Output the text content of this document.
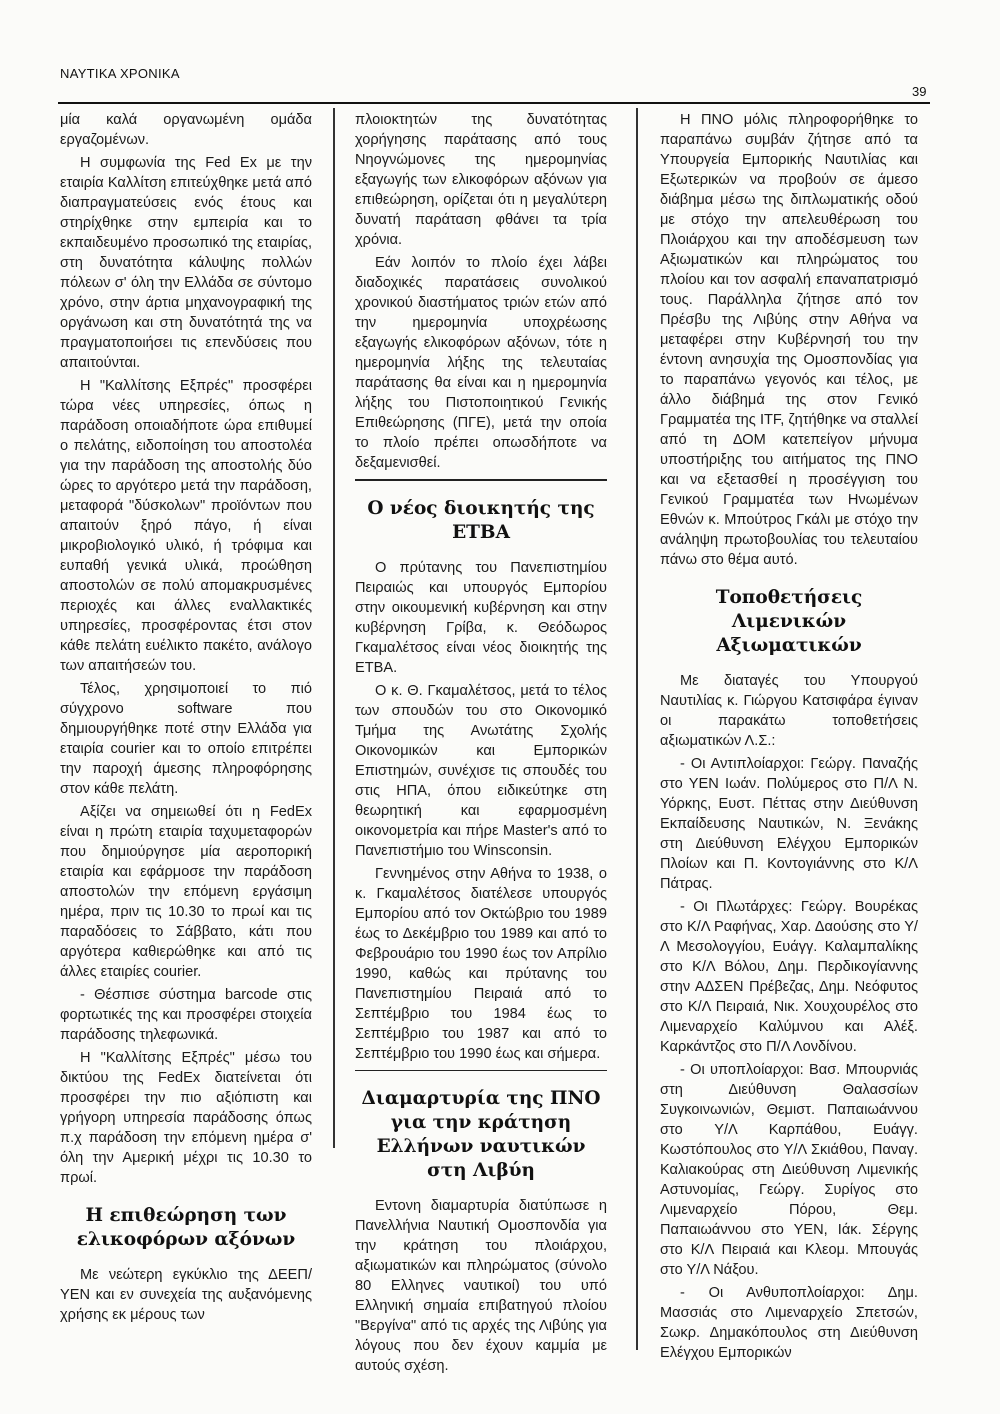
ΝΑΥΤΙΚΑ ΧΡΟΝΙΚΑ
39

μία καλά οργανωμένη ομάδα εργαζομένων.

Η συμφωνία της Fed Ex με την εταιρία Καλλίτση επιτεύχθηκε μετά από διαπραγματεύσεις ενός έτους και στηρίχθηκε στην εμπειρία και το εκπαιδευμένο προσωπικό της εταιρίας, στη δυνατότητα κάλυψης πολλών πόλεων σ' όλη την Ελλάδα σε σύντομο χρόνο, στην άρτια μηχανογραφική της οργάνωση και στη δυνατότητά της να πραγματοποιήσει τις επενδύσεις που απαιτούνται.

Η "Καλλίτσης Εξπρές" προσφέρει τώρα νέες υπηρεσίες, όπως η παράδοση οποιαδήποτε ώρα επιθυμεί ο πελάτης, ειδοποίηση του αποστολέα για την παράδοση της αποστολής δύο ώρες το αργότερο μετά την παράδοση, μεταφορά "δύσκολων" προϊόντων που απαιτούν ξηρό πάγο, ή είναι μικροβιολογικό υλικό, ή τρόφιμα και ευπαθή γενικά υλικά, προώθηση αποστολών σε πολύ απομακρυσμένες περιοχές και άλλες εναλλακτικές υπηρεσίες, προσφέροντας έτσι στον κάθε πελάτη ευέλικτο πακέτο, ανάλογο των απαιτήσεών του.

Τέλος, χρησιμοποιεί το πιό σύγχρονο software που δημιουργήθηκε ποτέ στην Ελλάδα για εταιρία courier και το οποίο επιτρέπει την παροχή άμεσης πληροφόρησης στον κάθε πελάτη.

Αξίζει να σημειωθεί ότι η FedEx είναι η πρώτη εταιρία ταχυμεταφορών που δημιούργησε μία αεροπορική εταιρία και εφάρμοσε την παράδοση αποστολών την επόμενη εργάσιμη ημέρα, πριν τις 10.30 το πρωί και τις παραδόσεις το Σάββατο, κάτι που αργότερα καθιερώθηκε και από τις άλλες εταιρίες courier.

- Θέσπισε σύστημα barcode στις φορτωτικές της και προσφέρει στοιχεία παράδοσης τηλεφωνικά.

Η "Καλλίτσης Εξπρές" μέσω του δικτύου της FedEx διατείνεται ότι προσφέρει την πιο αξιόπιστη και γρήγορη υπηρεσία παράδοσης όπως π.χ παράδοση την επόμενη ημέρα σ' όλη την Αμερική μέχρι τις 10.30 το πρωί.

Η επιθεώρηση των ελικοφόρων αξόνων

Με νεώτερη εγκύκλιο της ΔΕΕΠ/ΥΕΝ και εν συνεχεία της αυξανόμενης χρήσης εκ μέρους των

πλοιοκτητών της δυνατότητας χορήγησης παράτασης από τους Νηογνώμονες της ημερομηνίας εξαγωγής των ελικοφόρων αξόνων για επιθεώρηση, ορίζεται ότι η μεγαλύτερη δυνατή παράταση φθάνει τα τρία χρόνια.

Εάν λοιπόν το πλοίο έχει λάβει διαδοχικές παρατάσεις συνολικού χρονικού διαστήματος τριών ετών από την ημερομηνία υποχρέωσης εξαγωγής ελικοφόρων αξόνων, τότε η ημερομηνία λήξης της τελευταίας παράτασης θα είναι και η ημερομηνία λήξης του Πιστοποιητικού Γενικής Επιθεώρησης (ΠΓΕ), μετά την οποία το πλοίο πρέπει οπωσδήποτε να δεξαμενισθεί.

Ο νέος διοικητής της ΕΤΒΑ

Ο πρύτανης του Πανεπιστημίου Πειραιώς και υπουργός Εμπορίου στην οικουμενική κυβέρνηση και στην κυβέρνηση Γρίβα, κ. Θεόδωρος Γκαμαλέτσος είναι νέος διοικητής της ΕΤΒΑ.

Ο κ. Θ. Γκαμαλέτσος, μετά το τέλος των σπουδών του στο Οικονομικό Τμήμα της Ανωτάτης Σχολής Οικονομικών και Εμπορικών Επιστημών, συνέχισε τις σπουδές του στις ΗΠΑ, όπου ειδικεύτηκε στη θεωρητική και εφαρμοσμένη οικονομετρία και πήρε Master's από το Πανεπιστήμιο του Winsconsin.

Γεννημένος στην Αθήνα το 1938, ο κ. Γκαμαλέτσος διατέλεσε υπουργός Εμπορίου από τον Οκτώβριο του 1989 έως το Δεκέμβριο του 1989 και από το Φεβρουάριο του 1990 έως τον Απρίλιο 1990, καθώς και πρύτανης του Πανεπιστημίου Πειραιά από το Σεπτέμβριο του 1984 έως το Σεπτέμβριο του 1987 και από το Σεπτέμβριο του 1990 έως και σήμερα.

Διαμαρτυρία της ΠΝΟ για την κράτηση Ελλήνων ναυτικών στη Λιβύη

Εντονη διαμαρτυρία διατύπωσε η Πανελλήνια Ναυτική Ομοσπονδία για την κράτηση του πλοιάρχου, αξιωματικών και πληρώματος (σύνολο 80 Ελληνες ναυτικοί) του υπό Ελληνική σημαία επιβατηγού πλοίου "Βεργίνα" από τις αρχές της Λιβύης για λόγους που δεν έχουν καμμία με αυτούς σχέση.

Η ΠΝΟ μόλις πληροφορήθηκε το παραπάνω συμβάν ζήτησε από τα Υπουργεία Εμπορικής Ναυτιλίας και Εξωτερικών να προβούν σε άμεσο διάβημα μέσω της διπλωματικής οδού με στόχο την απελευθέρωση του Πλοιάρχου και την αποδέσμευση των Αξιωματικών και πληρώματος του πλοίου και τον ασφαλή επαναπατρισμό τους. Παράλληλα ζήτησε από τον Πρέσβυ της Λιβύης στην Αθήνα να μεταφέρει στην Κυβέρνησή του την έντονη ανησυχία της Ομοσπονδίας για το παραπάνω γεγονός και τέλος, με άλλο διάβημά της στον Γενικό Γραμματέα της ITF, ζητήθηκε να σταλλεί από τη ΔΟΜ κατεπείγον μήνυμα υποστήριξης του αιτήματος της ΠΝΟ και να εξετασθεί η προσέγγιση του Γενικού Γραμματέα των Ηνωμένων Εθνών κ. Μπούτρος Γκάλι με στόχο την ανάληψη πρωτοβουλίας του τελευταίου πάνω στο θέμα αυτό.

Τοποθετήσεις Λιμενικών Αξιωματικών

Με διαταγές του Υπουργού Ναυτιλίας κ. Γιώργου Κατσιφάρα έγιναν οι παρακάτω τοποθετήσεις αξιωματικών Λ.Σ.:

- Οι Αντιπλοίαρχοι: Γεώργ. Παναζής στο ΥΕΝ Ιωάν. Πολύμερος στο Π/Λ Ν. Υόρκης, Ευστ. Πέττας στην Διεύθυνση Εκπαίδευσης Ναυτικών, Ν. Ξενάκης στη Διεύθυνση Ελέγχου Εμπορικών Πλοίων και Π. Κοντογιάννης στο Κ/Λ Πάτρας.

- Οι Πλωτάρχες: Γεώργ. Βουρέκας στο Κ/Λ Ραφήνας, Χαρ. Δαούσης στο Υ/Λ Μεσολογγίου, Ευάγγ. Καλαμπαλίκης στο Κ/Λ Βόλου, Δημ. Περδικογίαννης στην ΑΔΣΕΝ Πρέβεζας, Δημ. Νεόφυτος στο Κ/Λ Πειραιά, Νικ. Χουχουρέλος στο Λιμεναρχείο Καλύμνου και Αλέξ. Καρκάντζος στο Π/Λ Λονδίνου.

- Οι υποπλοίαρχοι: Βασ. Μπουρνιάς στη Διεύθυνση Θαλασσίων Συγκοινωνιών, Θεμιστ. Παπαιωάννου στο Υ/Λ Καρπάθου, Ευάγγ. Κωστόπουλος στο Υ/Λ Σκιάθου, Παναγ. Καλιακούρας στη Διεύθυνση Λιμενικής Αστυνομίας, Γεώργ. Συρίγος στο Λιμεναρχείο Πόρου, Θεμ. Παπαιωάννου στο ΥΕΝ, Ιάκ. Σέργης στο Κ/Λ Πειραιά και Κλεομ. Μπουγάς στο Υ/Λ Νάξου.

- Οι Ανθυποπλοίαρχοι: Δημ. Μασσιάς στο Λιμεναρχείο Σπετσών, Σωκρ. Δημακόπουλος στη Διεύθυνση Ελέγχου Εμπορικών
